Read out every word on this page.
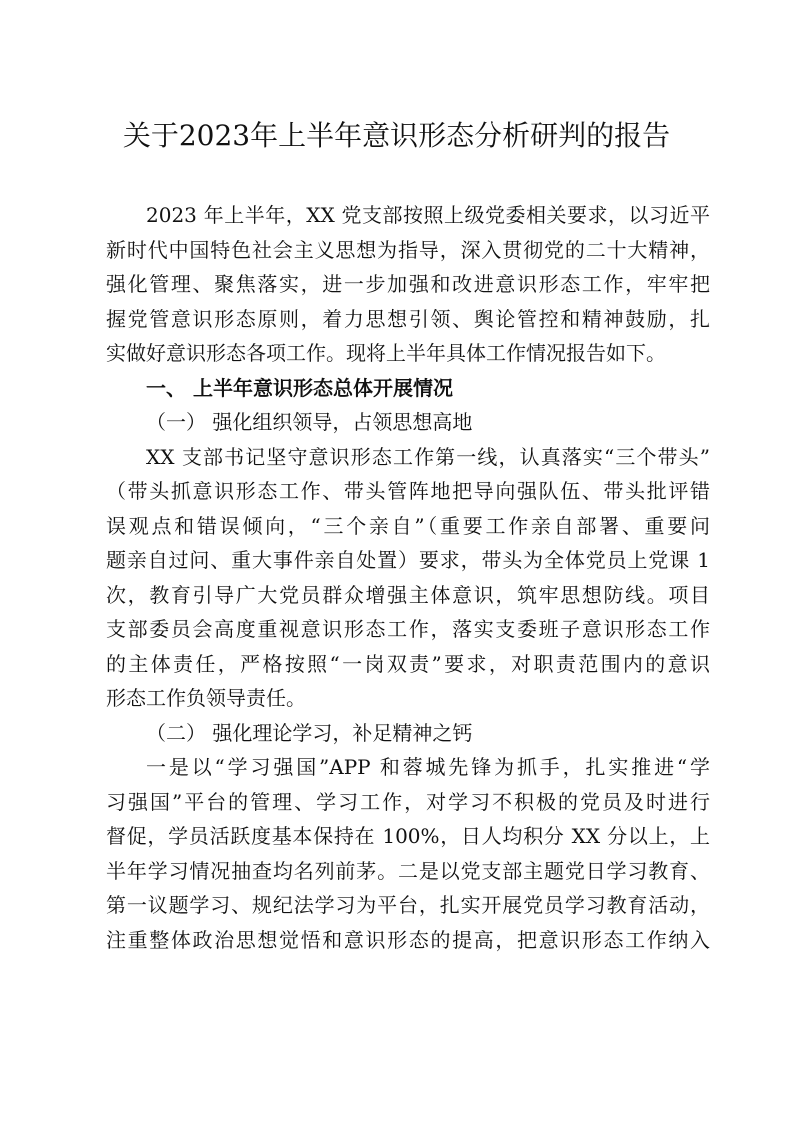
关于2023年上半年意识形态分析研判的报告
2023 年上半年，XX 党支部按照上级党委相关要求，以习近平
新时代中国特色社会主义思想为指导，深入贯彻党的二十大精神，
强化管理、聚焦落实，进一步加强和改进意识形态工作，牢牢把
握党管意识形态原则，着力思想引领、舆论管控和精神鼓励，扎
实做好意识形态各项工作。现将上半年具体工作情况报告如下。
一、 上半年意识形态总体开展情况
（一） 强化组织领导，占领思想高地
XX 支部书记坚守意识形态工作第一线，认真落实“三个带头”
（带头抓意识形态工作、带头管阵地把导向强队伍、带头批评错
误观点和错误倾向，“三个亲自”（重要工作亲自部署、重要问
题亲自过问、重大事件亲自处置）要求，带头为全体党员上党课 1
次，教育引导广大党员群众增强主体意识，筑牢思想防线。项目
支部委员会高度重视意识形态工作，落实支委班子意识形态工作
的主体责任，严格按照“一岗双责”要求，对职责范围内的意识
形态工作负领导责任。
（二） 强化理论学习，补足精神之钙
一是以“学习强国”APP 和蓉城先锋为抓手，扎实推进“学
习强国”平台的管理、学习工作，对学习不积极的党员及时进行
督促，学员活跃度基本保持在 100%，日人均积分 XX 分以上，上
半年学习情况抽查均名列前茅。二是以党支部主题党日学习教育、
第一议题学习、规纪法学习为平台，扎实开展党员学习教育活动，
注重整体政治思想觉悟和意识形态的提高，把意识形态工作纳入
